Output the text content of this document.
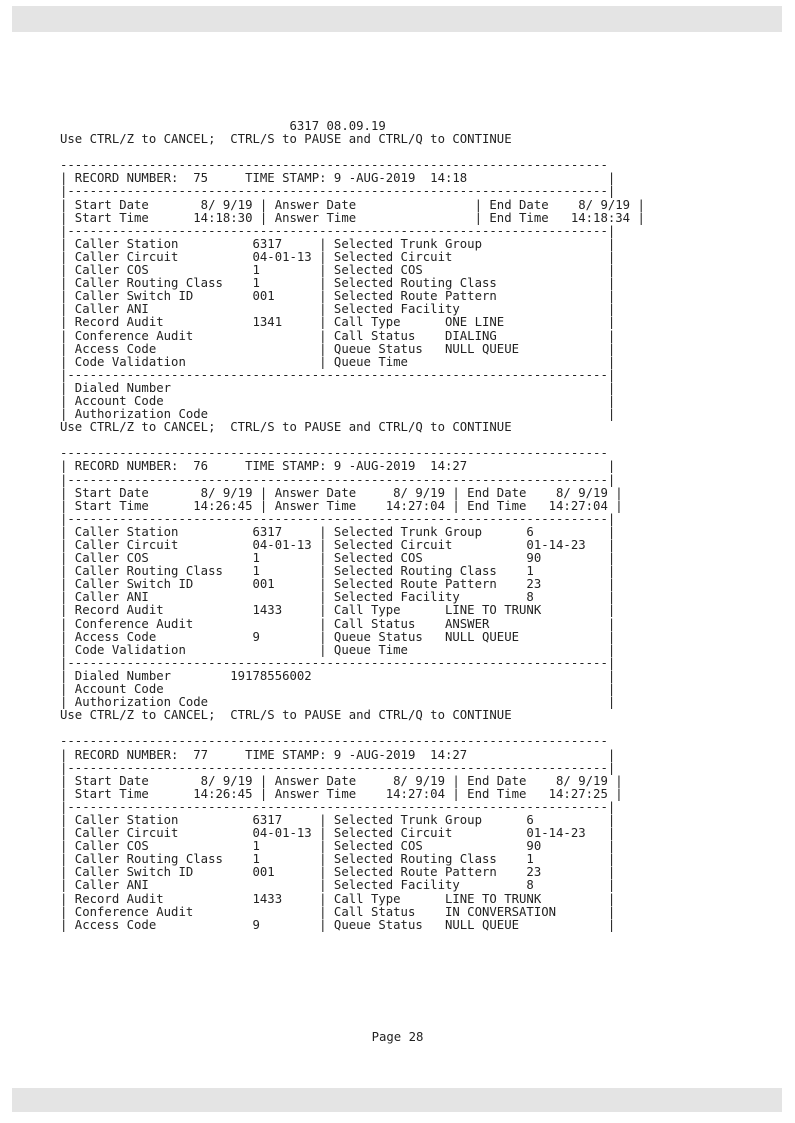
6317 08.09.19
Use CTRL/Z to CANCEL;  CTRL/S to PAUSE and CTRL/Q to CONTINUE
--------------------------------------------------------------------------
| RECORD NUMBER:  75     TIME STAMP: 9 -AUG-2019  14:18                   |
|-------------------------------------------------------------------------|
| Start Date       8/ 9/19 | Answer Date                | End Date    8/ 9/19 |
| Start Time      14:18:30 | Answer Time                | End Time   14:18:34 |
|-------------------------------------------------------------------------|
| Caller Station          6317     | Selected Trunk Group                 |
| Caller Circuit          04-01-13 | Selected Circuit                     |
| Caller COS              1        | Selected COS                         |
| Caller Routing Class    1        | Selected Routing Class               |
| Caller Switch ID        001      | Selected Route Pattern               |
| Caller ANI                       | Selected Facility                    |
| Record Audit            1341     | Call Type      ONE LINE              |
| Conference Audit                 | Call Status    DIALING               |
| Access Code                      | Queue Status   NULL QUEUE            |
| Code Validation                  | Queue Time                           |
|-------------------------------------------------------------------------|
| Dialed Number                                                           |
| Account Code                                                            |
| Authorization Code                                                      |
Use CTRL/Z to CANCEL;  CTRL/S to PAUSE and CTRL/Q to CONTINUE
--------------------------------------------------------------------------
| RECORD NUMBER:  76     TIME STAMP: 9 -AUG-2019  14:27                   |
|-------------------------------------------------------------------------|
| Start Date       8/ 9/19 | Answer Date     8/ 9/19 | End Date    8/ 9/19 |
| Start Time      14:26:45 | Answer Time    14:27:04 | End Time   14:27:04 |
|-------------------------------------------------------------------------|
| Caller Station          6317     | Selected Trunk Group      6          |
| Caller Circuit          04-01-13 | Selected Circuit          01-14-23   |
| Caller COS              1        | Selected COS              90         |
| Caller Routing Class    1        | Selected Routing Class    1          |
| Caller Switch ID        001      | Selected Route Pattern    23         |
| Caller ANI                       | Selected Facility         8          |
| Record Audit            1433     | Call Type      LINE TO TRUNK         |
| Conference Audit                 | Call Status    ANSWER                |
| Access Code             9        | Queue Status   NULL QUEUE            |
| Code Validation                  | Queue Time                           |
|-------------------------------------------------------------------------|
| Dialed Number        19178556002                                        |
| Account Code                                                            |
| Authorization Code                                                      |
Use CTRL/Z to CANCEL;  CTRL/S to PAUSE and CTRL/Q to CONTINUE
--------------------------------------------------------------------------
| RECORD NUMBER:  77     TIME STAMP: 9 -AUG-2019  14:27                   |
|-------------------------------------------------------------------------|
| Start Date       8/ 9/19 | Answer Date     8/ 9/19 | End Date    8/ 9/19 |
| Start Time      14:26:45 | Answer Time    14:27:04 | End Time   14:27:25 |
|-------------------------------------------------------------------------|
| Caller Station          6317     | Selected Trunk Group      6          |
| Caller Circuit          04-01-13 | Selected Circuit          01-14-23   |
| Caller COS              1        | Selected COS              90         |
| Caller Routing Class    1        | Selected Routing Class    1          |
| Caller Switch ID        001      | Selected Route Pattern    23         |
| Caller ANI                       | Selected Facility         8          |
| Record Audit            1433     | Call Type      LINE TO TRUNK         |
| Conference Audit                 | Call Status    IN CONVERSATION       |
| Access Code             9        | Queue Status   NULL QUEUE            |
Page 28
